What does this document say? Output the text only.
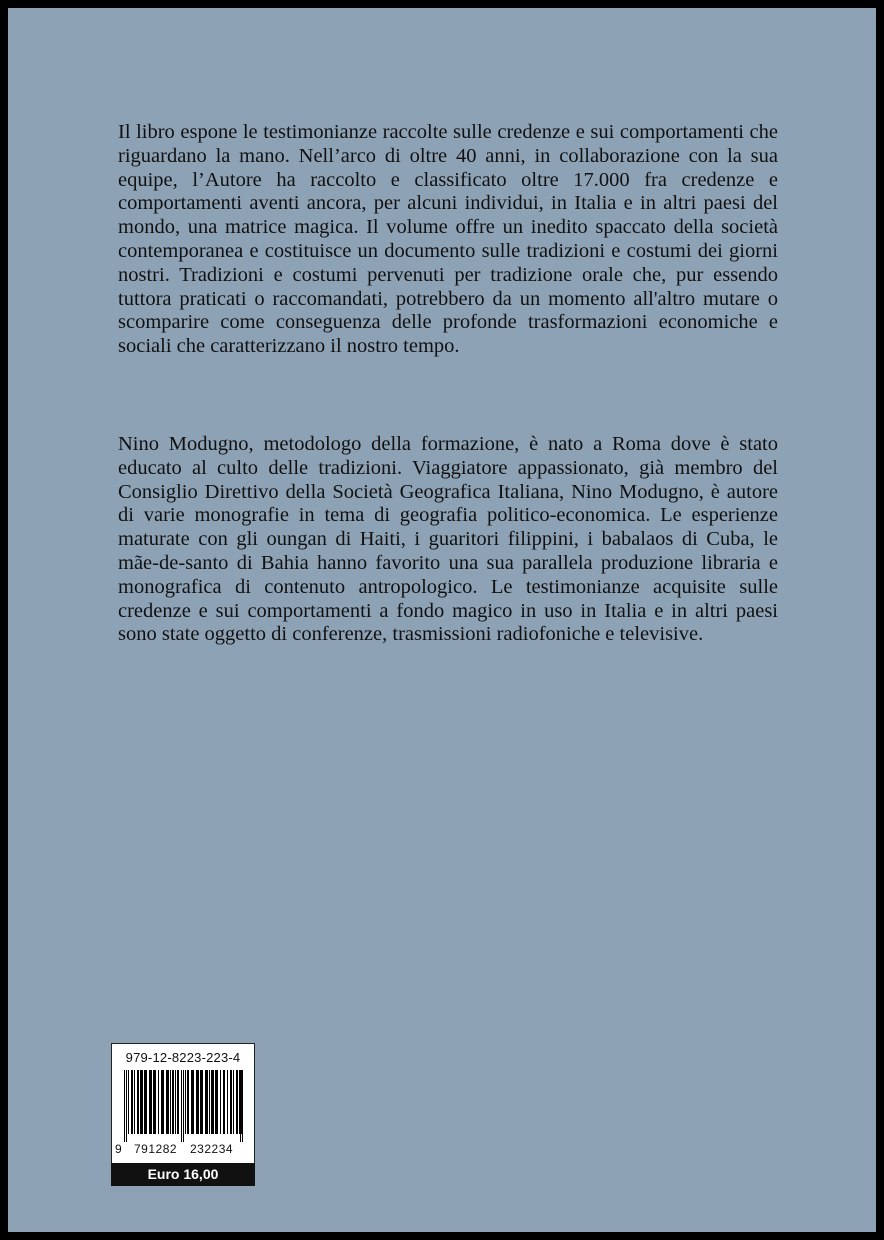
Il libro espone le testimonianze raccolte sulle credenze e sui comportamenti che riguardano la mano. Nell’arco di oltre 40 anni, in collaborazione con la sua equipe, l’Autore ha raccolto e classificato oltre 17.000 fra credenze e comportamenti aventi ancora, per alcuni individui, in Italia e in altri paesi del mondo, una matrice magica. Il volume offre un inedito spaccato della società contemporanea e costituisce un documento sulle tradizioni e costumi dei giorni nostri. Tradizioni e costumi pervenuti per tradizione orale che, pur essendo tuttora praticati o raccomandati, potrebbero da un momento all'altro mutare o scomparire come conseguenza delle profonde trasformazioni economiche e sociali che caratterizzano il nostro tempo.

Nino Modugno, metodologo della formazione, è nato a Roma dove è stato educato al culto delle tradizioni. Viaggiatore appassionato, già membro del Consiglio Direttivo della Società Geografica Italiana, Nino Modugno, è autore di varie monografie in tema di geografia politico-economica. Le esperienze maturate con gli oungan di Haiti, i guaritori filippini, i babalaos di Cuba, le mãe-de-santo di Bahia hanno favorito una sua parallela produzione libraria e monografica di contenuto antropologico. Le testimonianze acquisite sulle credenze e sui comportamenti a fondo magico in uso in Italia e in altri paesi sono state oggetto di conferenze, trasmissioni radiofoniche e televisive.

979-12-8223-223-4
9 791282 232234
Euro 16,00
